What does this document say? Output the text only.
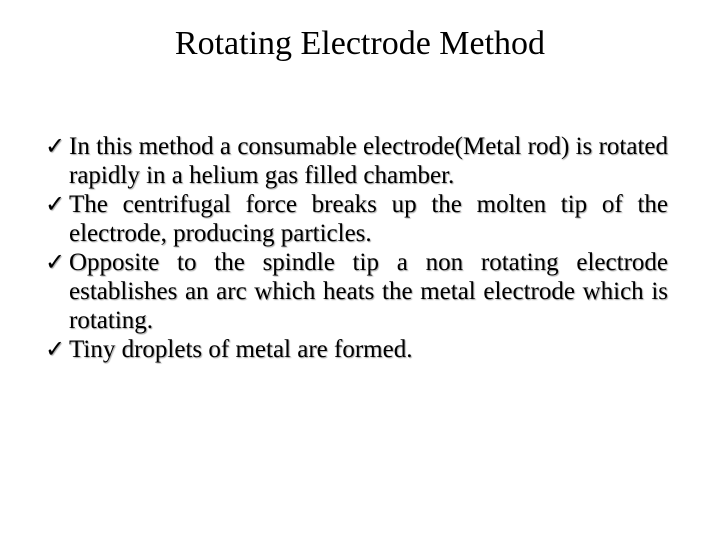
Rotating Electrode Method
✓ In this method a consumable electrode(Metal rod) is rotated rapidly in a helium gas filled chamber.
✓ The centrifugal force breaks up the molten tip of the electrode, producing particles.
✓ Opposite to the spindle tip a non rotating electrode establishes an arc which heats the metal electrode which is rotating.
✓ Tiny droplets of metal are formed.
